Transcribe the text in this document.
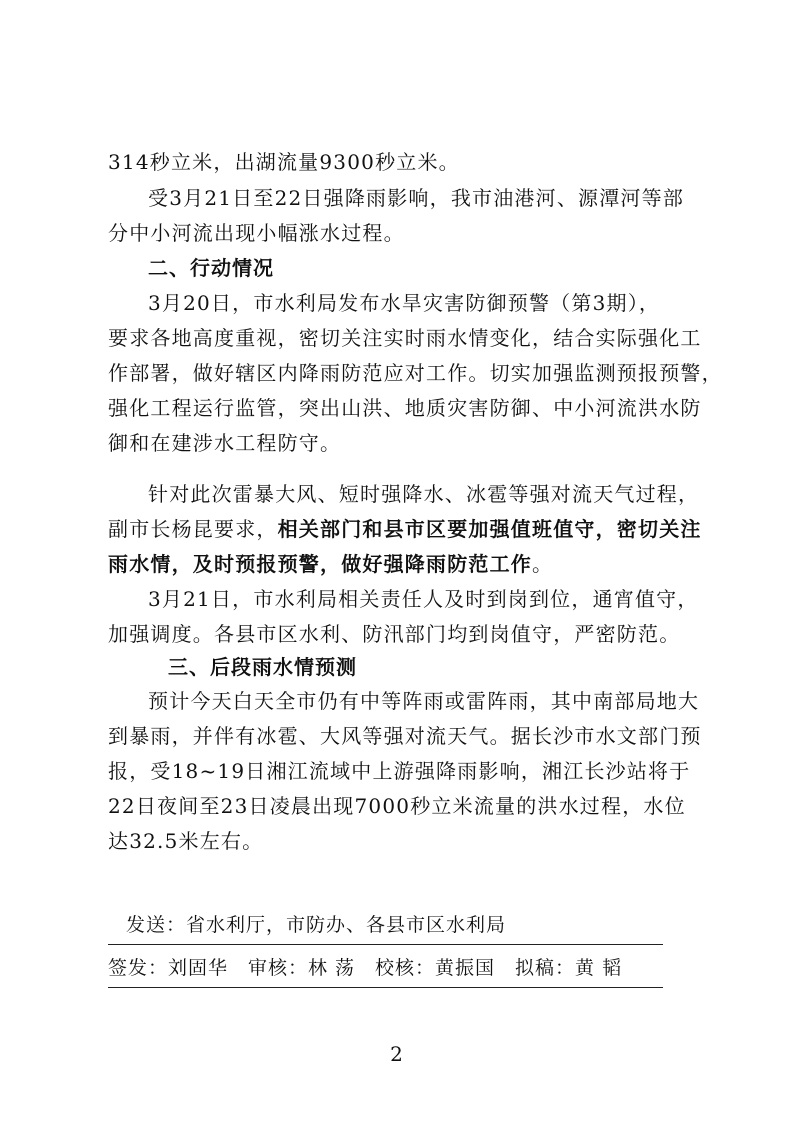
314秒立米，出湖流量9300秒立米。
受3月21日至22日强降雨影响，我市油港河、源潭河等部
分中小河流出现小幅涨水过程。
二、行动情况
3月20日，市水利局发布水旱灾害防御预警（第3期），
要求各地高度重视，密切关注实时雨水情变化，结合实际强化工
作部署，做好辖区内降雨防范应对工作。切实加强监测预报预警，
强化工程运行监管，突出山洪、地质灾害防御、中小河流洪水防
御和在建涉水工程防守。
针对此次雷暴大风、短时强降水、冰雹等强对流天气过程，
副市长杨昆要求，相关部门和县市区要加强值班值守，密切关注
雨水情，及时预报预警，做好强降雨防范工作。
3月21日，市水利局相关责任人及时到岗到位，通宵值守，
加强调度。各县市区水利、防汛部门均到岗值守，严密防范。
三、后段雨水情预测
预计今天白天全市仍有中等阵雨或雷阵雨，其中南部局地大
到暴雨，并伴有冰雹、大风等强对流天气。据长沙市水文部门预
报，受18~19日湘江流域中上游强降雨影响，湘江长沙站将于
22日夜间至23日凌晨出现7000秒立米流量的洪水过程，水位
达32.5米左右。
发送：省水利厅，市防办、各县市区水利局
签发：刘固华　审核：林 荡　校核：黄振国　拟稿：黄 韬
2
